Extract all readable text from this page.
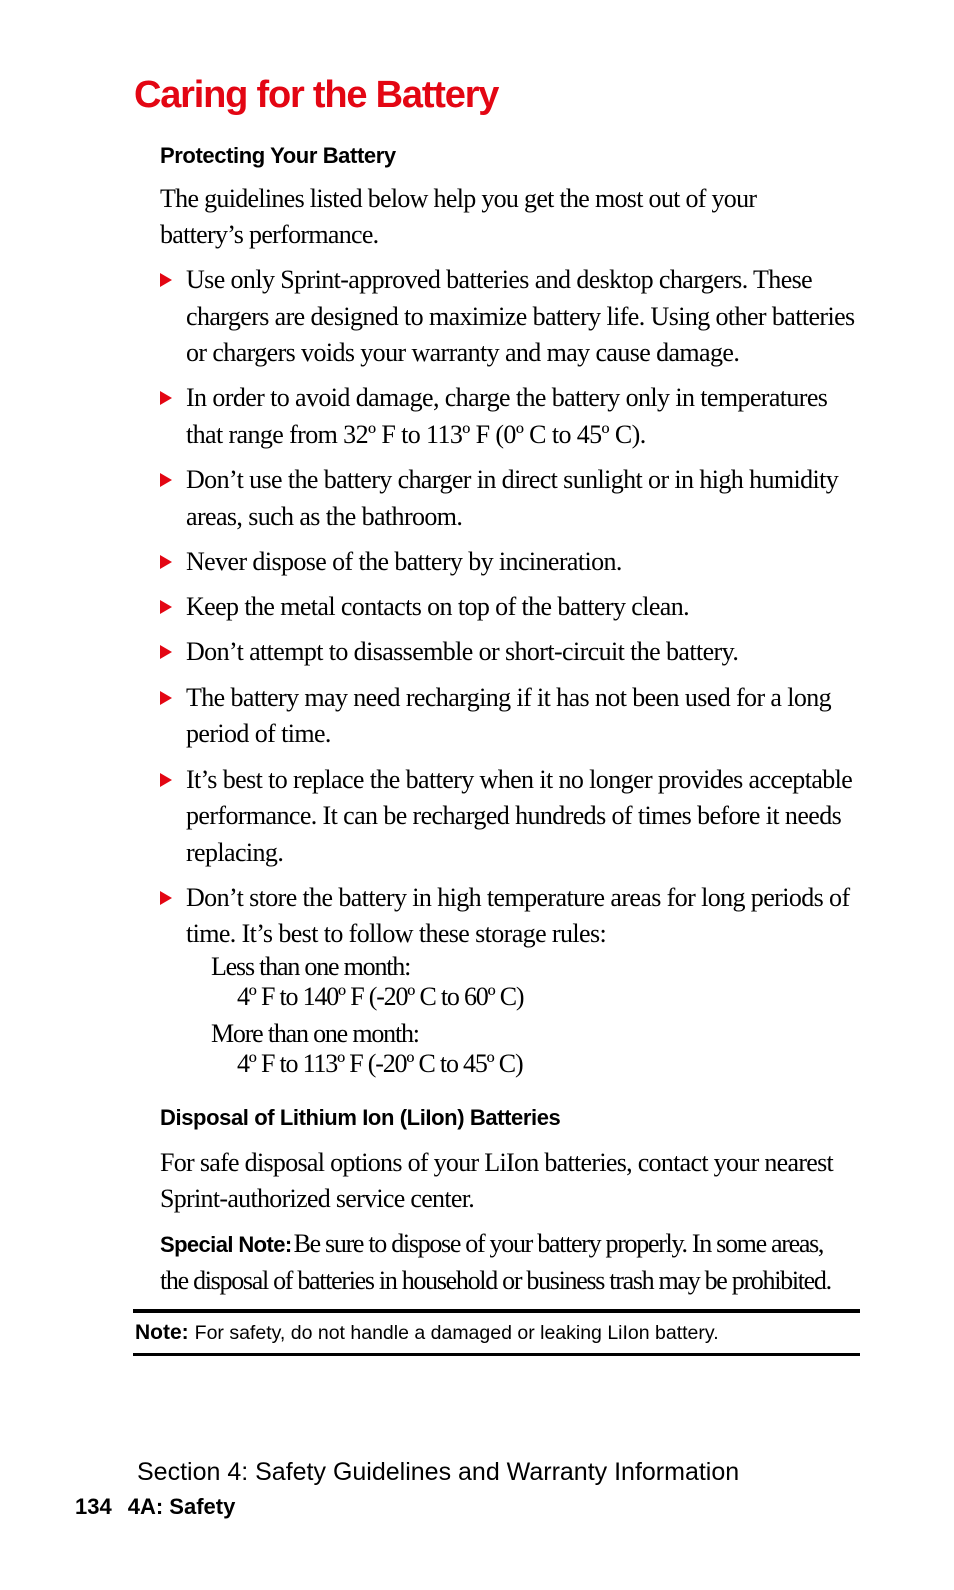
Caring for the Battery
Protecting Your Battery
The guidelines listed below help you get the most out of your
battery’s performance.
Use only Sprint-approved batteries and desktop chargers. These chargers are designed to maximize battery life. Using other batteries or chargers voids your warranty and may cause damage.
In order to avoid damage, charge the battery only in temperatures that range from 32º F to 113º F (0º C to 45º C).
Don’t use the battery charger in direct sunlight or in high humidity areas, such as the bathroom.
Never dispose of the battery by incineration.
Keep the metal contacts on top of the battery clean.
Don’t attempt to disassemble or short-circuit the battery.
The battery may need recharging if it has not been used for a long period of time.
It’s best to replace the battery when it no longer provides acceptable performance. It can be recharged hundreds of times before it needs replacing.
Don’t store the battery in high temperature areas for long periods of time. It’s best to follow these storage rules:
Less than one month:
4º F to 140º F (-20º C to 60º C)
More than one month:
4º F to 113º F (-20º C to 45º C)
Disposal of Lithium Ion (LiIon) Batteries
For safe disposal options of your LiIon batteries, contact your nearest
Sprint-authorized service center.
Special Note:Be sure to dispose of your battery properly. In some areas,
the disposal of batteries in household or business trash may be prohibited.
Note: For safety, do not handle a damaged or leaking LiIon battery.
Section 4: Safety Guidelines and Warranty Information
134 4A: Safety
